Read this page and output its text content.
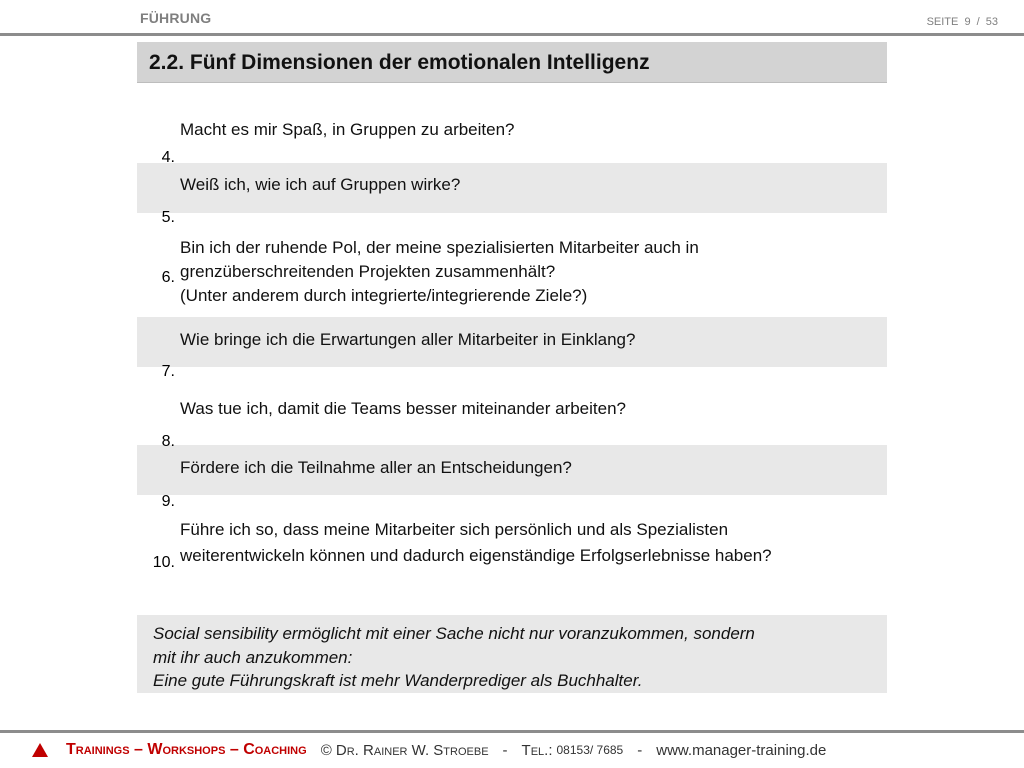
FÜHRUNG	SEITE 9 / 53
2.2. Fünf Dimensionen der emotionalen Intelligenz
Macht es mir Spaß, in Gruppen zu arbeiten?
4.
Weiß ich, wie ich auf Gruppen wirke?
5.
Bin ich der ruhende Pol, der meine spezialisierten Mitarbeiter auch in
grenzüberschreitenden Projekten zusammenhält?
(Unter anderem durch integrierte/integrierende Ziele?)
6.
Wie bringe ich die Erwartungen aller Mitarbeiter in Einklang?
7.
Was tue ich, damit die Teams besser miteinander arbeiten?
8.
Fördere ich die Teilnahme aller an Entscheidungen?
9.
Führe ich so, dass meine Mitarbeiter sich persönlich und als Spezialisten
weiterentwickeln können und dadurch eigenständige Erfolgserlebnisse haben?
10.
Social sensibility ermöglicht mit einer Sache nicht nur voranzukommen, sondern
mit ihr auch anzukommen:
Eine gute Führungskraft ist mehr Wanderprediger als Buchhalter.
Trainings – Workshops – Coaching © Dr. Rainer W. Stroebe - Tel.: 08153/ 7685 - www.manager-training.de
